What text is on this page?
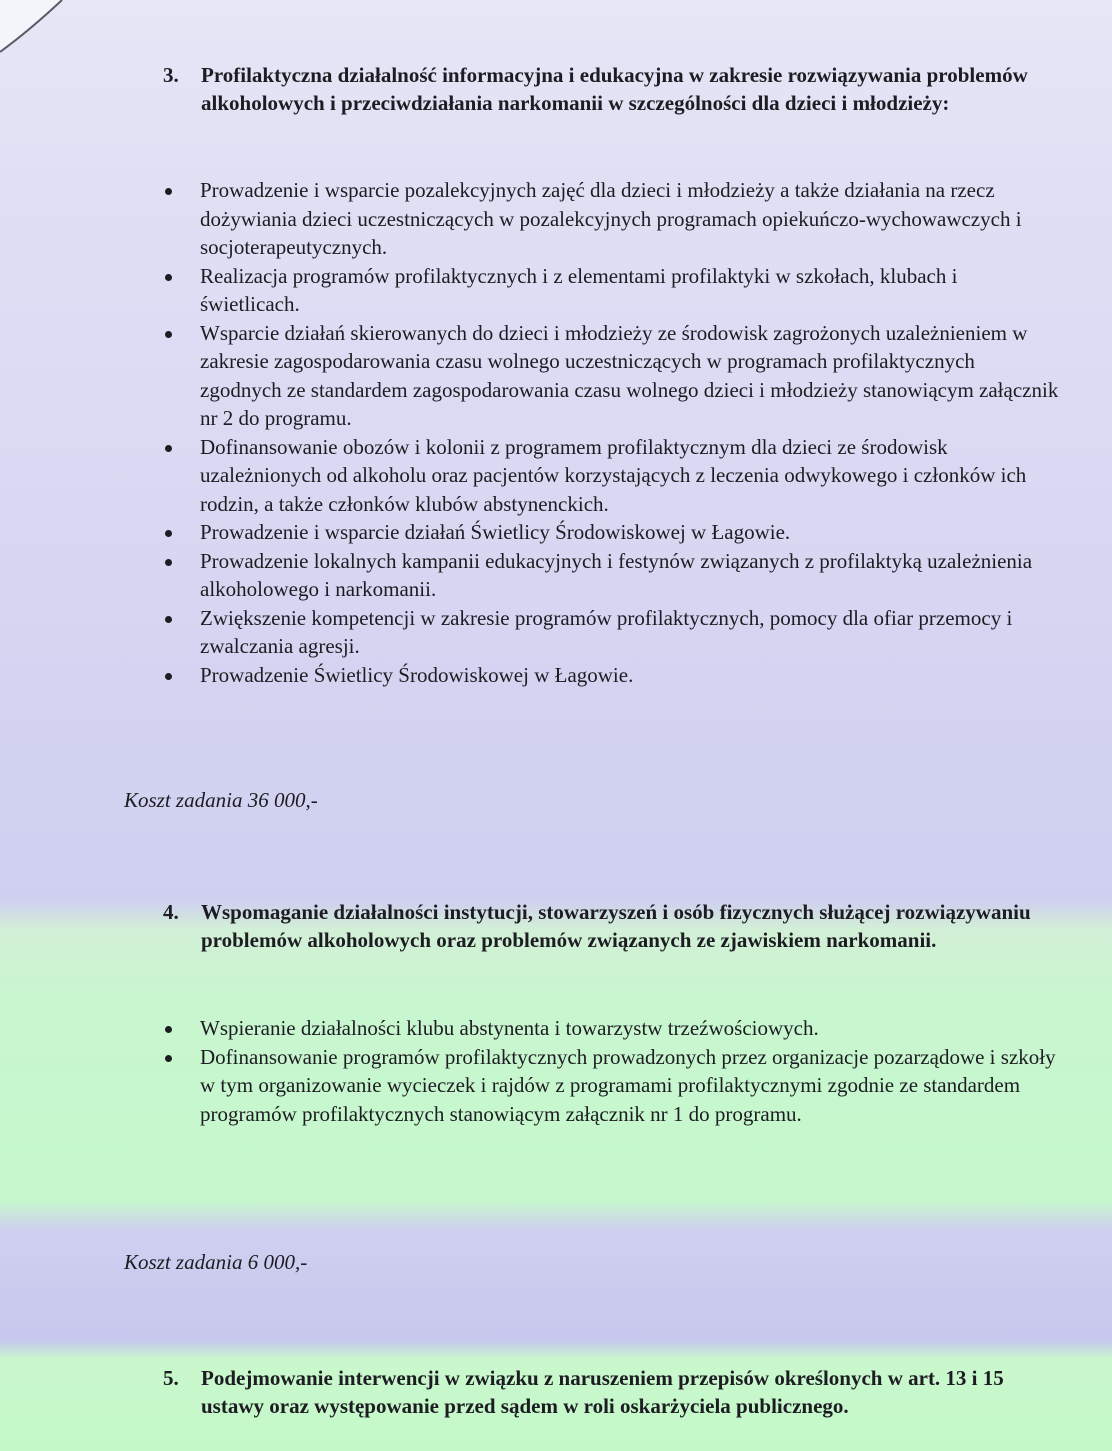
3.	Profilaktyczna działalność informacyjna i edukacyjna w zakresie rozwiązywania problemów alkoholowych i przeciwdziałania narkomanii w szczególności dla dzieci i młodzieży:
Prowadzenie i wsparcie pozalekcyjnych zajęć dla dzieci i młodzieży a także działania na rzecz dożywiania dzieci uczestniczących w pozalekcyjnych programach opiekuńczo-wychowawczych i socjoterapeutycznych.
Realizacja programów profilaktycznych i z elementami profilaktyki w szkołach, klubach i świetlicach.
Wsparcie działań skierowanych do dzieci i młodzieży ze środowisk zagrożonych uzależnieniem w zakresie zagospodarowania czasu wolnego uczestniczących w programach profilaktycznych zgodnych ze standardem zagospodarowania czasu wolnego dzieci i młodzieży stanowiącym załącznik nr 2 do programu.
Dofinansowanie obozów i kolonii z programem profilaktycznym dla dzieci ze środowisk uzależnionych od alkoholu oraz pacjentów korzystających z leczenia odwykowego i członków ich rodzin, a także członków klubów abstynenckich.
Prowadzenie i wsparcie działań Świetlicy Środowiskowej w Łagowie.
Prowadzenie lokalnych kampanii edukacyjnych i festynów związanych z profilaktyką uzależnienia alkoholowego i narkomanii.
Zwiększenie kompetencji w zakresie programów profilaktycznych, pomocy dla ofiar przemocy i zwalczania agresji.
Prowadzenie Świetlicy Środowiskowej w Łagowie.
Koszt zadania 36 000,-
4.	Wspomaganie działalności instytucji, stowarzyszeń i osób fizycznych służącej rozwiązywaniu problemów alkoholowych oraz problemów związanych ze zjawiskiem narkomanii.
Wspieranie działalności klubu abstynenta i towarzystw trzeźwościowych.
Dofinansowanie programów profilaktycznych prowadzonych przez organizacje pozarządowe i szkoły w tym organizowanie wycieczek i rajdów z programami profilaktycznymi zgodnie ze standardem programów profilaktycznych stanowiącym załącznik nr 1 do programu.
Koszt zadania 6 000,-
5.	Podejmowanie interwencji w związku z naruszeniem przepisów określonych w art. 13 i 15 ustawy oraz występowanie przed sądem w roli oskarżyciela publicznego.
